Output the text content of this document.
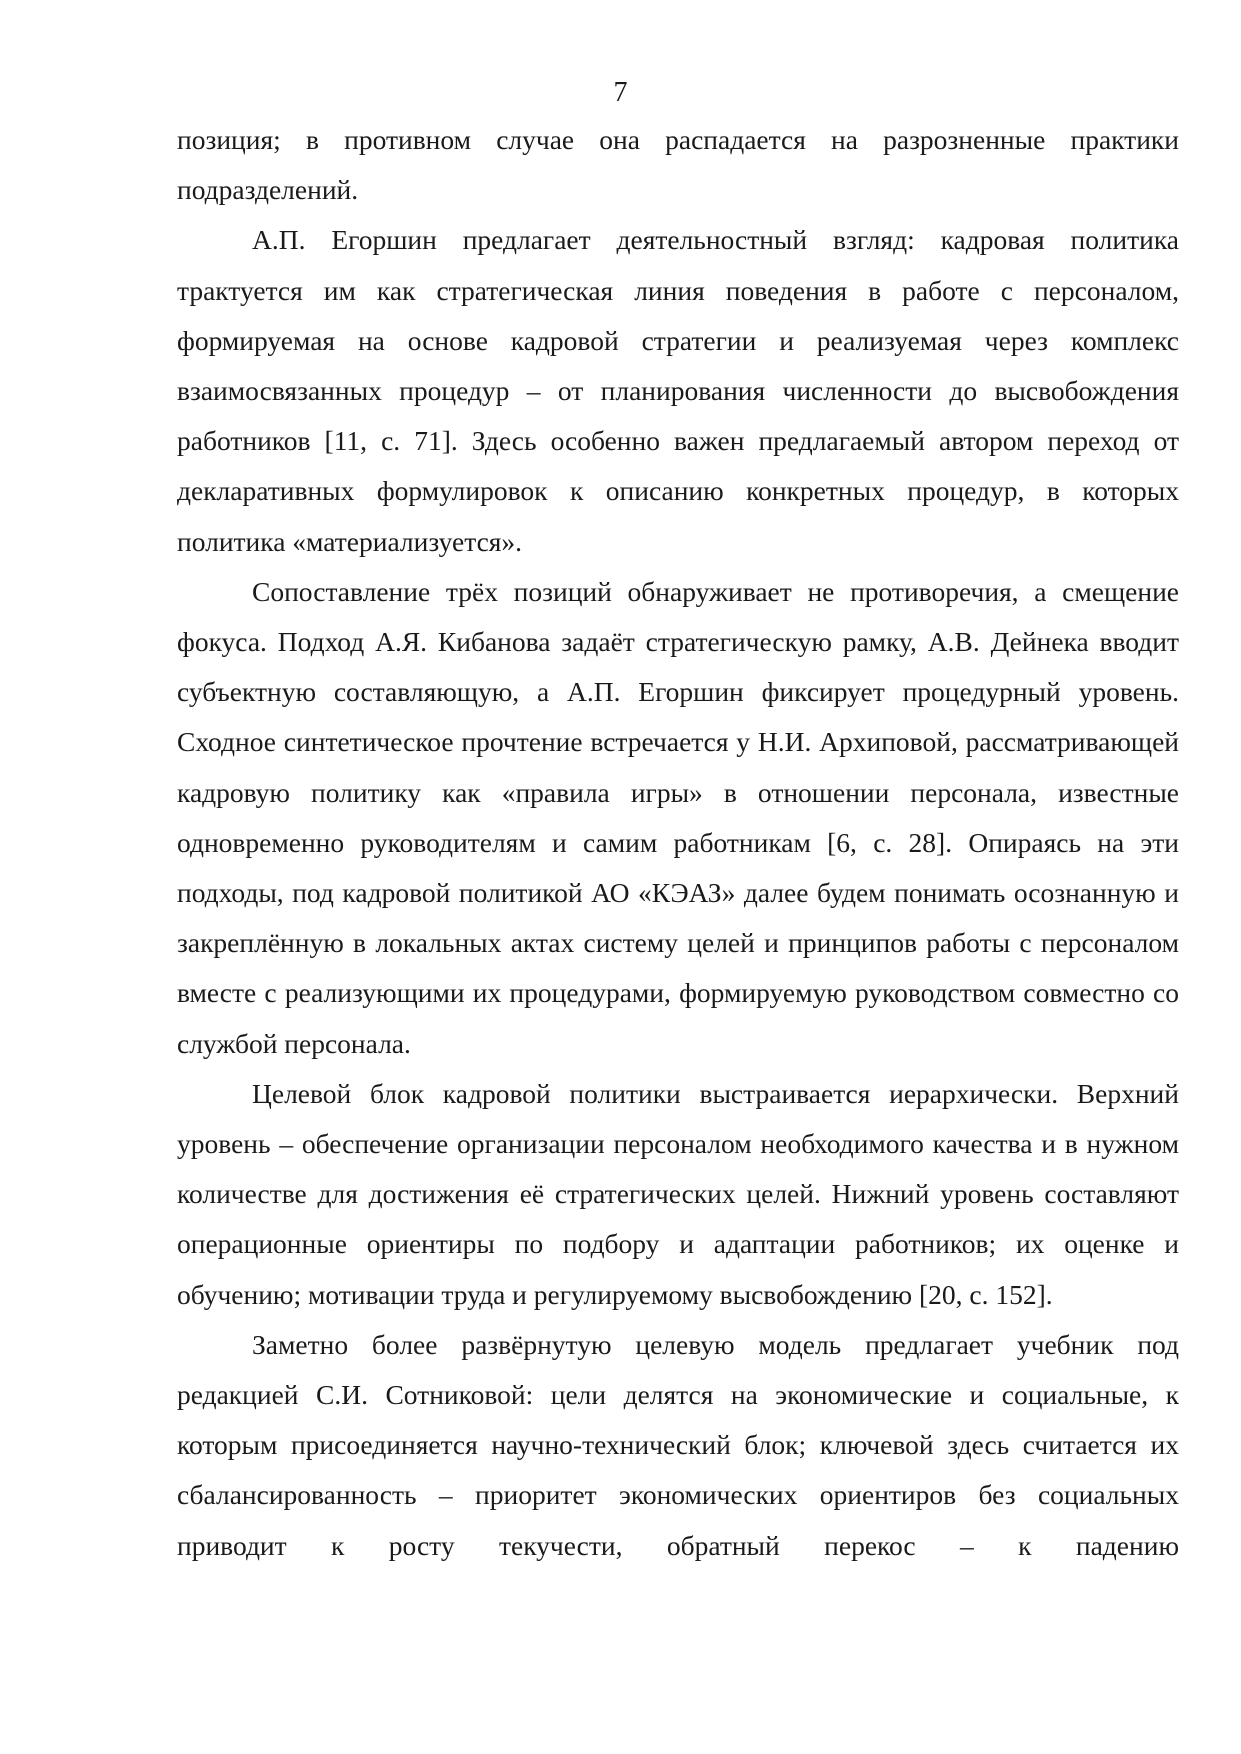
7

позиция; в противном случае она распадается на разрозненные практики подразделений.

А.П. Егоршин предлагает деятельностный взгляд: кадровая политика трактуется им как стратегическая линия поведения в работе с персоналом, формируемая на основе кадровой стратегии и реализуемая через комплекс взаимосвязанных процедур – от планирования численности до высвобождения работников [11, с. 71]. Здесь особенно важен предлагаемый автором переход от декларативных формулировок к описанию конкретных процедур, в которых политика «материализуется».

Сопоставление трёх позиций обнаруживает не противоречия, а смещение фокуса. Подход А.Я. Кибанова задаёт стратегическую рамку, А.В. Дейнека вводит субъектную составляющую, а А.П. Егоршин фиксирует процедурный уровень. Сходное синтетическое прочтение встречается у Н.И. Архиповой, рассматривающей кадровую политику как «правила игры» в отношении персонала, известные одновременно руководителям и самим работникам [6, с. 28]. Опираясь на эти подходы, под кадровой политикой АО «КЭАЗ» далее будем понимать осознанную и закреплённую в локальных актах систему целей и принципов работы с персоналом вместе с реализующими их процедурами, формируемую руководством совместно со службой персонала.

Целевой блок кадровой политики выстраивается иерархически. Верхний уровень – обеспечение организации персоналом необходимого качества и в нужном количестве для достижения её стратегических целей. Нижний уровень составляют операционные ориентиры по подбору и адаптации работников; их оценке и обучению; мотивации труда и регулируемому высвобождению [20, с. 152].

Заметно более развёрнутую целевую модель предлагает учебник под редакцией С.И. Сотниковой: цели делятся на экономические и социальные, к которым присоединяется научно-технический блок; ключевой здесь считается их сбалансированность – приоритет экономических ориентиров без социальных приводит к росту текучести, обратный перекос – к падению
